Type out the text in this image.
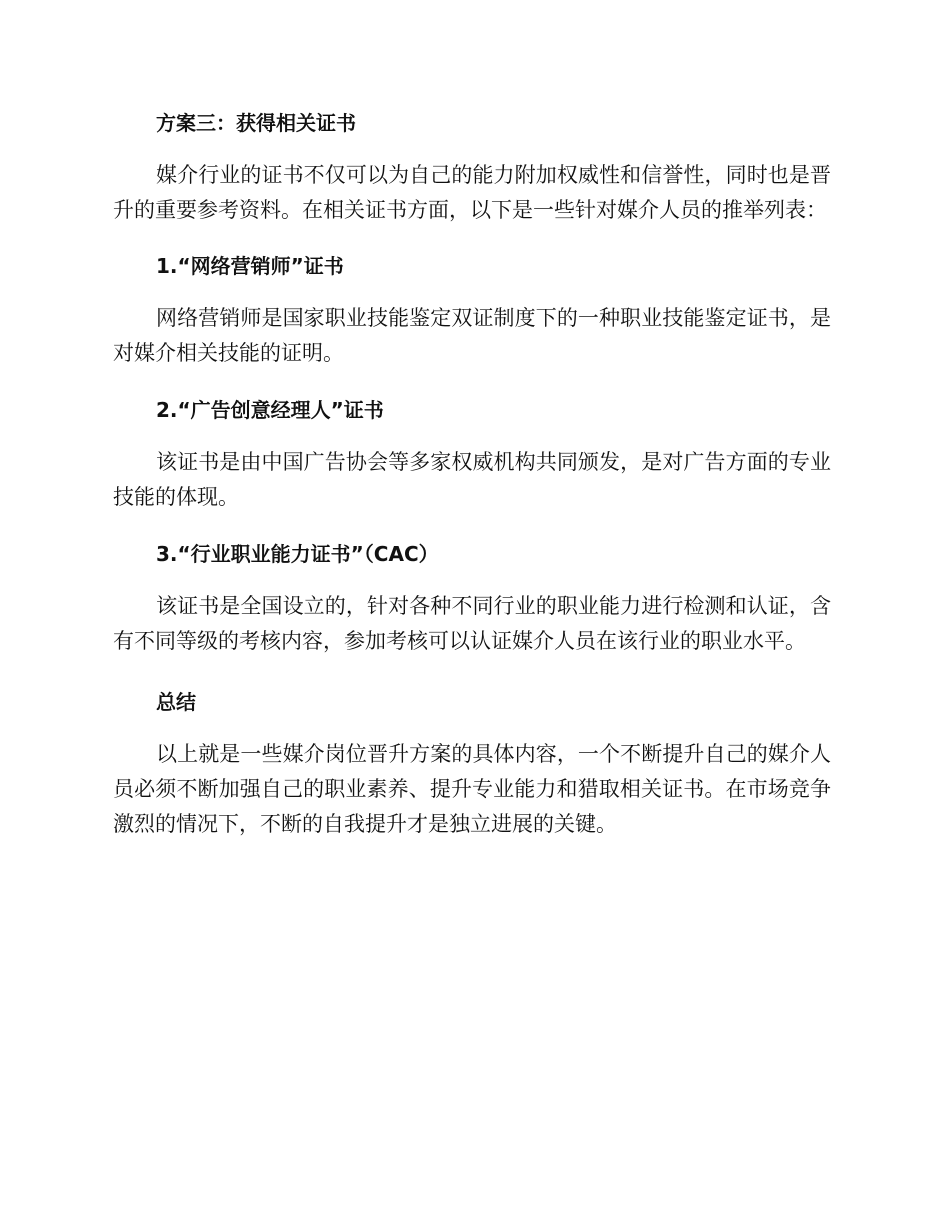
方案三：获得相关证书

媒介行业的证书不仅可以为自己的能力附加权威性和信誉性，同时也是晋升的重要参考资料。在相关证书方面，以下是一些针对媒介人员的推举列表：

1.“网络营销师”证书

网络营销师是国家职业技能鉴定双证制度下的一种职业技能鉴定证书，是对媒介相关技能的证明。

2.“广告创意经理人”证书

该证书是由中国广告协会等多家权威机构共同颁发，是对广告方面的专业技能的体现。

3.“行业职业能力证书”（CAC）

该证书是全国设立的，针对各种不同行业的职业能力进行检测和认证，含有不同等级的考核内容，参加考核可以认证媒介人员在该行业的职业水平。

总结

以上就是一些媒介岗位晋升方案的具体内容，一个不断提升自己的媒介人员必须不断加强自己的职业素养、提升专业能力和猎取相关证书。在市场竞争激烈的情况下，不断的自我提升才是独立进展的关键。
